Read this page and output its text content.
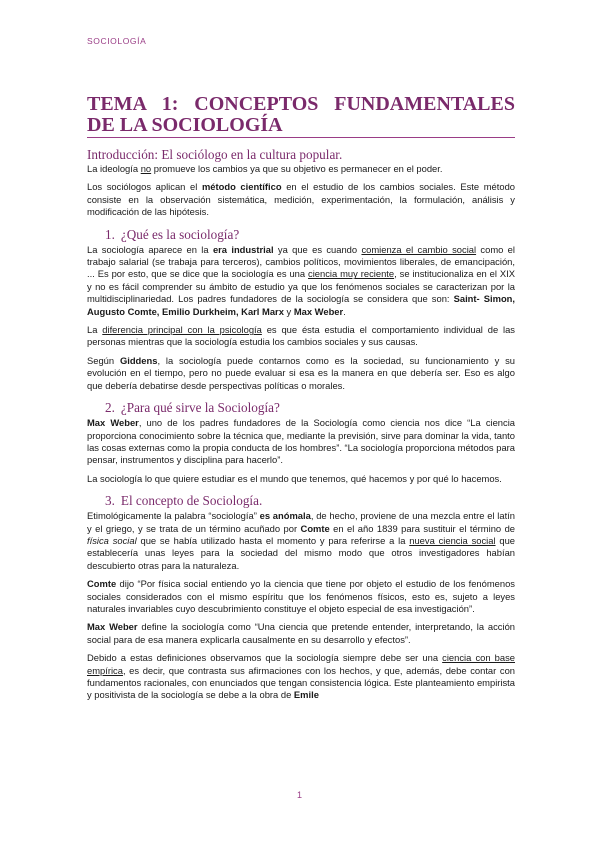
SOCIOLOGÍA
TEMA 1: CONCEPTOS FUNDAMENTALES
DE LA SOCIOLOGÍA
Introducción: El sociólogo en la cultura popular.

La ideología no promueve los cambios ya que su objetivo es permanecer en el poder.

Los sociólogos aplican el método científico en el estudio de los cambios sociales. Este método consiste en la observación sistemática, medición, experimentación, la formulación, análisis y modificación de las hipótesis.

1. ¿Qué es la sociología?

La sociología aparece en la era industrial ya que es cuando comienza el cambio social como el trabajo salarial (se trabaja para terceros), cambios políticos, movimientos liberales, de emancipación, ... Es por esto, que se dice que la sociología es una ciencia muy reciente, se institucionaliza en el XIX y no es fácil comprender su ámbito de estudio ya que los fenómenos sociales se caracterizan por la multidisciplinariedad. Los padres fundadores de la sociología se considera que son: Saint- Simon, Augusto Comte, Emilio Durkheim, Karl Marx y Max Weber.

La diferencia principal con la psicología es que ésta estudia el comportamiento individual de las personas mientras que la sociología estudia los cambios sociales y sus causas.

Según Giddens, la sociología puede contarnos como es la sociedad, su funcionamiento y su evolución en el tiempo, pero no puede evaluar si esa es la manera en que debería ser. Eso es algo que debería debatirse desde perspectivas políticas o morales.

2. ¿Para qué sirve la Sociología?

Max Weber, uno de los padres fundadores de la Sociología como ciencia nos dice “La ciencia proporciona conocimiento sobre la técnica que, mediante la previsión, sirve para dominar la vida, tanto las cosas externas como la propia conducta de los hombres”. “La sociología proporciona métodos para pensar, instrumentos y disciplina para hacerlo”.

La sociología lo que quiere estudiar es el mundo que tenemos, qué hacemos y por qué lo hacemos.

3. El concepto de Sociología.

Etimológicamente la palabra “sociología” es anómala, de hecho, proviene de una mezcla entre el latín y el griego, y se trata de un término acuñado por Comte en el año 1839 para sustituir el término de física social que se había utilizado hasta el momento y para referirse a la nueva ciencia social que establecería unas leyes para la sociedad del mismo modo que otros investigadores habían descubierto otras para la naturaleza.

Comte dijo “Por física social entiendo yo la ciencia que tiene por objeto el estudio de los fenómenos sociales considerados con el mismo espíritu que los fenómenos físicos, esto es, sujeto a leyes naturales invariables cuyo descubrimiento constituye el objeto especial de esa investigación”.

Max Weber define la sociología como “Una ciencia que pretende entender, interpretando, la acción social para de esa manera explicarla causalmente en su desarrollo y efectos”.

Debido a estas definiciones observamos que la sociología siempre debe ser una ciencia con base empírica, es decir, que contrasta sus afirmaciones con los hechos, y que, además, debe contar con fundamentos racionales, con enunciados que tengan consistencia lógica. Este planteamiento empirista y positivista de la sociología se debe a la obra de Emile

1
